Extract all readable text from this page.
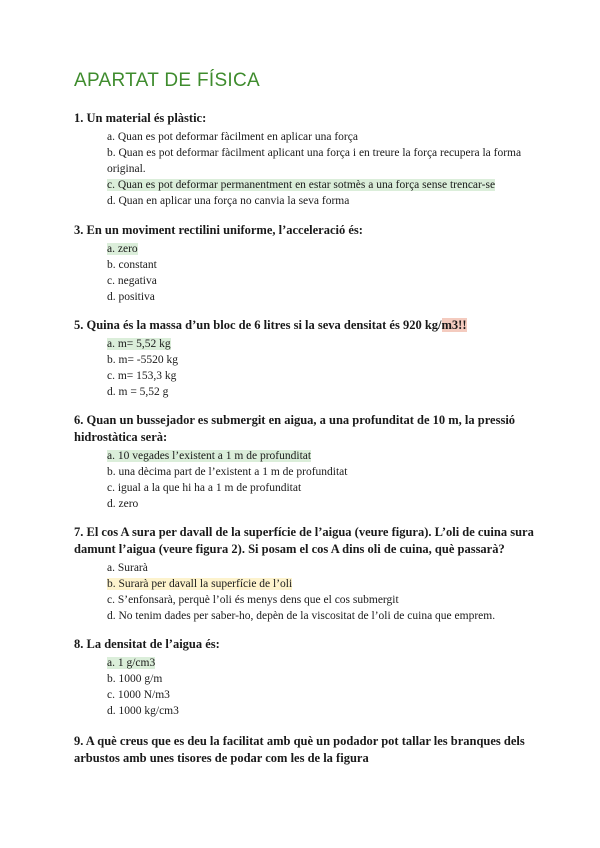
APARTAT DE FÍSICA

1. Un material és plàstic:

a. Quan es pot deformar fàcilment en aplicar una força
b. Quan es pot deformar fàcilment aplicant una força i en treure la força recupera la forma original.
c. Quan es pot deformar permanentment en estar sotmès a una força sense trencar-se
d. Quan en aplicar una força no canvia la seva forma

3. En un moviment rectilini uniforme, l’acceleració és:

a. zero
b. constant
c. negativa
d. positiva

5. Quina és la massa d’un bloc de 6 litres si la seva densitat és 920 kg/m3!!

a. m= 5,52 kg
b. m= -5520 kg
c. m= 153,3 kg
d. m = 5,52 g

6. Quan un bussejador es submergit en aigua, a una profunditat de 10 m, la pressió hidrostàtica serà:

a. 10 vegades l’existent a 1 m de profunditat
b. una dècima part de l’existent a 1 m de profunditat
c. igual a la que hi ha a 1 m de profunditat
d. zero

7. El cos A sura per davall de la superfície de l’aigua (veure figura). L’oli de cuina sura damunt l’aigua (veure figura 2). Si posam el cos A dins oli de cuina, què passarà?

a. Surarà
b. Surarà per davall la superfície de l’oli
c. S’enfonsarà, perquè l’oli és menys dens que el cos submergit
d. No tenim dades per saber-ho, depèn de la viscositat de l’oli de cuina que emprem.

8. La densitat de l’aigua és:

a. 1 g/cm3
b. 1000 g/m
c. 1000 N/m3
d. 1000 kg/cm3

9. A què creus que es deu la facilitat amb què un podador pot tallar les branques dels arbustos amb unes tisores de podar com les de la figura
